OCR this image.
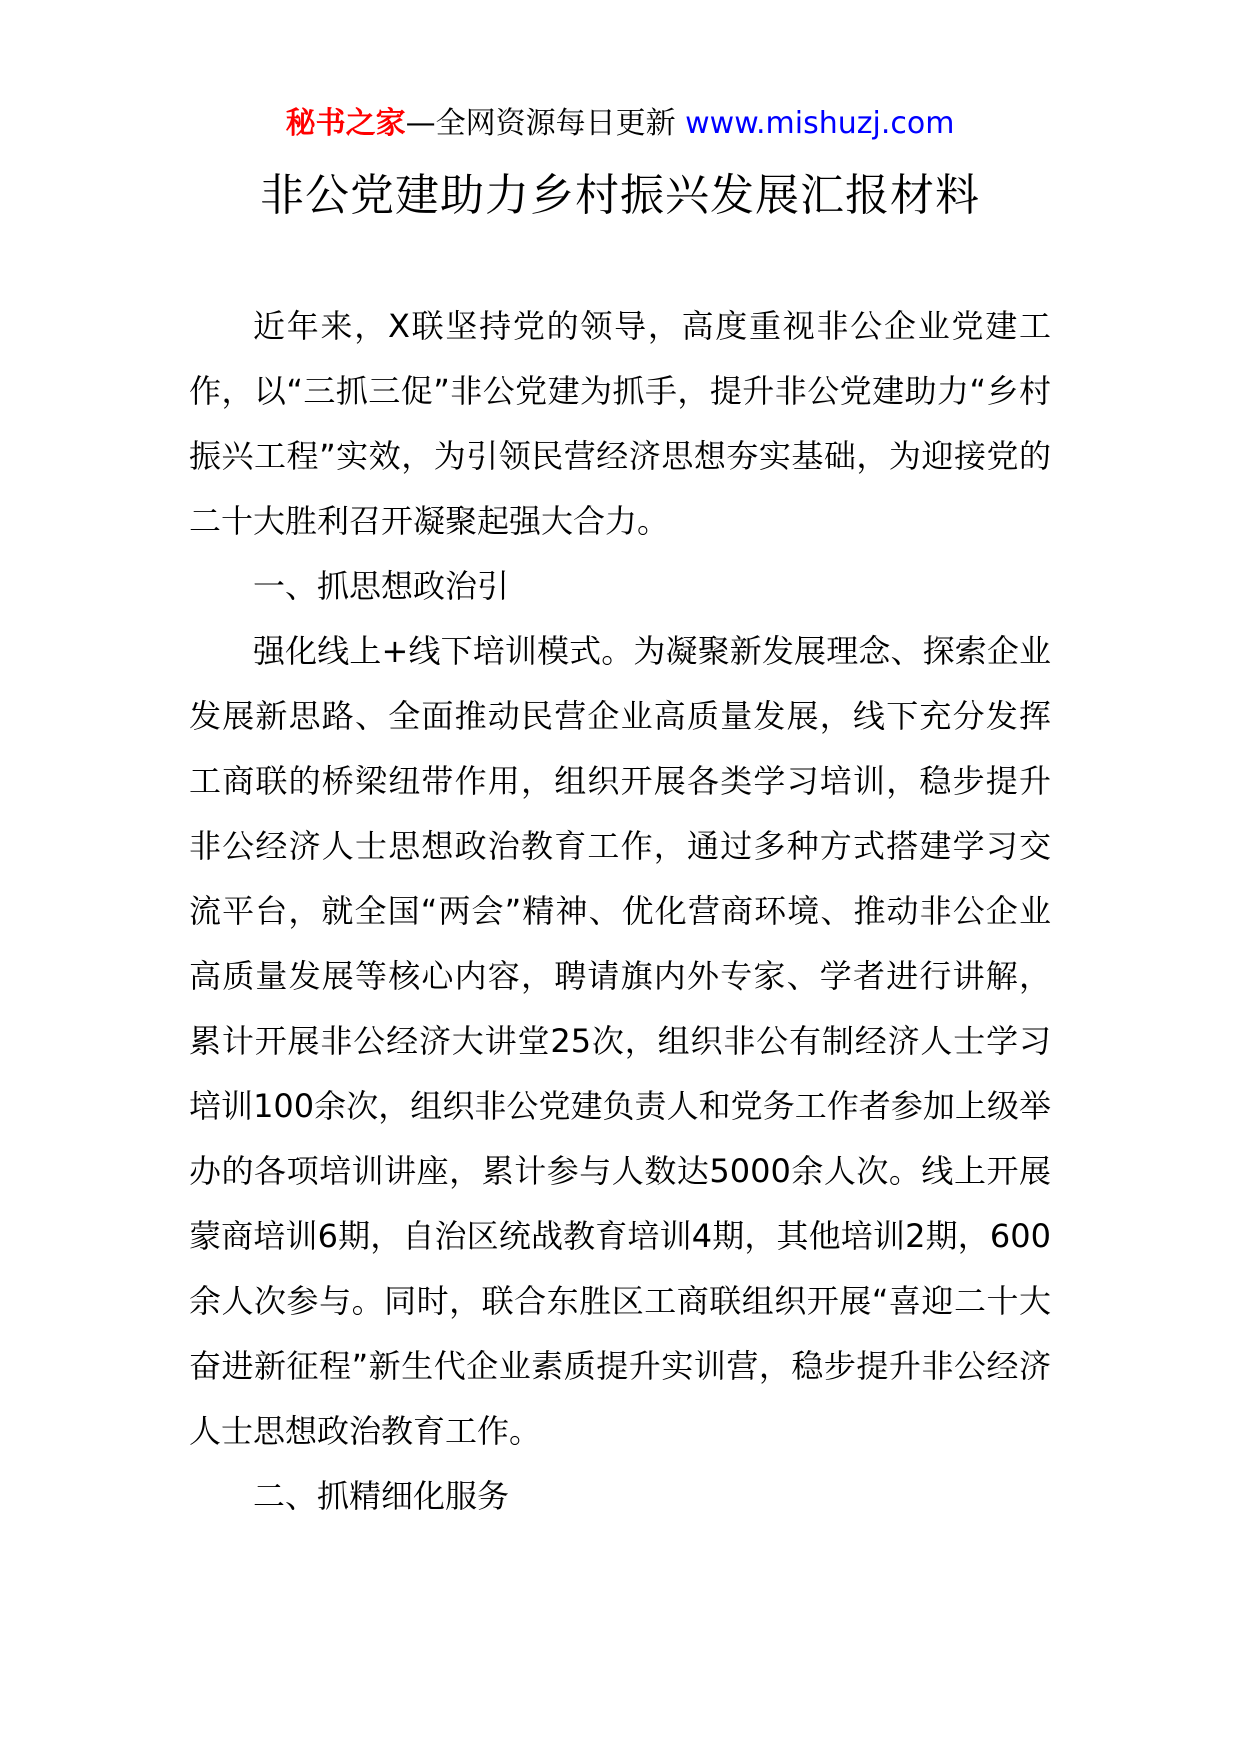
秘书之家—全网资源每日更新 www.mishuzj.com
非公党建助力乡村振兴发展汇报材料

近年来，X联坚持党的领导，高度重视非公企业党建工作，以“三抓三促”非公党建为抓手，提升非公党建助力“乡村振兴工程”实效，为引领民营经济思想夯实基础，为迎接党的二十大胜利召开凝聚起强大合力。

一、抓思想政治引

强化线上+线下培训模式。为凝聚新发展理念、探索企业发展新思路、全面推动民营企业高质量发展，线下充分发挥工商联的桥梁纽带作用，组织开展各类学习培训，稳步提升非公经济人士思想政治教育工作，通过多种方式搭建学习交流平台，就全国“两会”精神、优化营商环境、推动非公企业高质量发展等核心内容，聘请旗内外专家、学者进行讲解，累计开展非公经济大讲堂25次，组织非公有制经济人士学习培训100余次，组织非公党建负责人和党务工作者参加上级举办的各项培训讲座，累计参与人数达5000余人次。线上开展蒙商培训6期，自治区统战教育培训4期，其他培训2期，600余人次参与。同时，联合东胜区工商联组织开展“喜迎二十大奋进新征程”新生代企业素质提升实训营，稳步提升非公经济人士思想政治教育工作。

二、抓精细化服务
